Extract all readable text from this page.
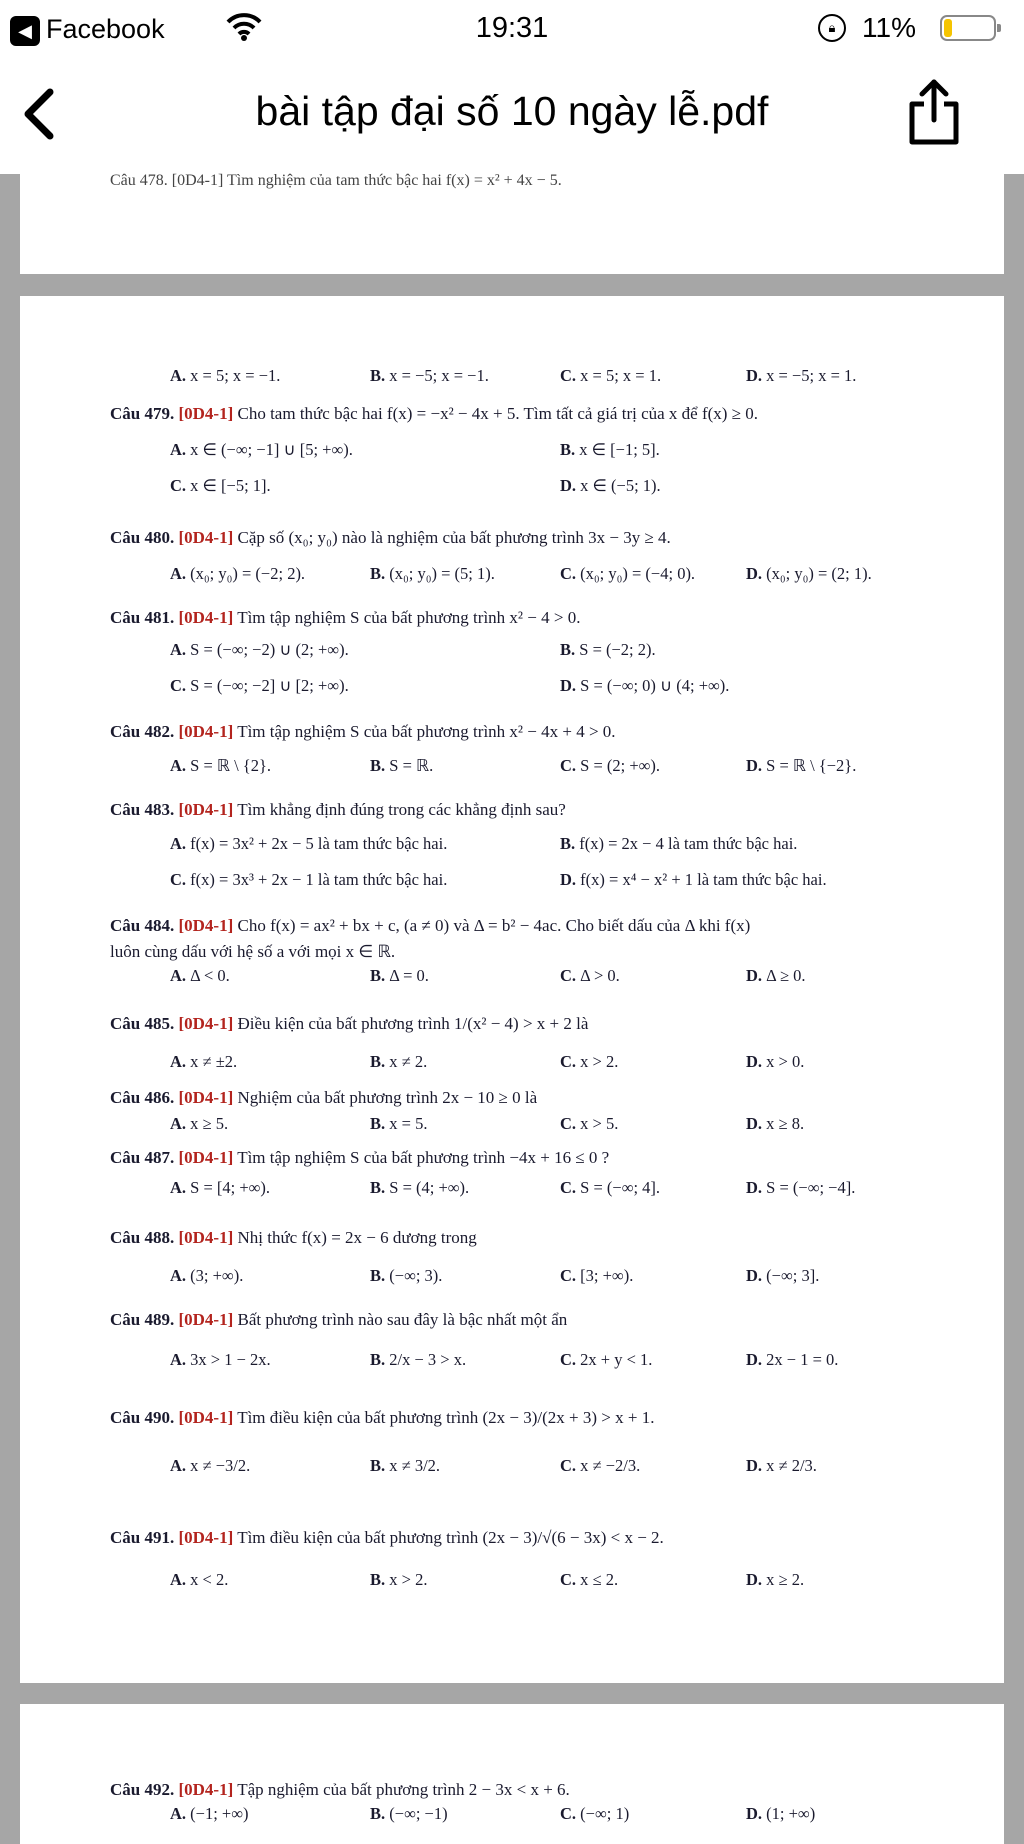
◀ Facebook	19:31	🔒︎ 11%
bài tập đại số 10 ngày lễ.pdf
Câu 478. [0D4-1] Tìm nghiệm của tam thức bậc hai f(x) = x² + 4x − 5.
A. x = 5; x = −1.	B. x = −5; x = −1.	C. x = 5; x = 1.	D. x = −5; x = 1.
Câu 479. [0D4-1] Cho tam thức bậc hai f(x) = −x² − 4x + 5. Tìm tất cả giá trị của x để f(x) ≥ 0.
A. x ∈ (−∞; −1] ∪ [5; +∞).	B. x ∈ [−1; 5].
C. x ∈ [−5; 1].	D. x ∈ (−5; 1).
Câu 480. [0D4-1] Cặp số (x₀; y₀) nào là nghiệm của bất phương trình 3x − 3y ≥ 4.
A. (x₀; y₀) = (−2; 2).	B. (x₀; y₀) = (5; 1).	C. (x₀; y₀) = (−4; 0).	D. (x₀; y₀) = (2; 1).
Câu 481. [0D4-1] Tìm tập nghiệm S của bất phương trình x² − 4 > 0.
A. S = (−∞; −2) ∪ (2; +∞).	B. S = (−2; 2).
C. S = (−∞; −2] ∪ [2; +∞).	D. S = (−∞; 0) ∪ (4; +∞).
Câu 482. [0D4-1] Tìm tập nghiệm S của bất phương trình x² − 4x + 4 > 0.
A. S = ℝ \ {2}.	B. S = ℝ.	C. S = (2; +∞).	D. S = ℝ \ {−2}.
Câu 483. [0D4-1] Tìm khẳng định đúng trong các khẳng định sau?
A. f(x) = 3x² + 2x − 5 là tam thức bậc hai.	B. f(x) = 2x − 4 là tam thức bậc hai.
C. f(x) = 3x³ + 2x − 1 là tam thức bậc hai.	D. f(x) = x⁴ − x² + 1 là tam thức bậc hai.
Câu 484. [0D4-1] Cho f(x) = ax² + bx + c, (a ≠ 0) và Δ = b² − 4ac. Cho biết dấu của Δ khi f(x)
luôn cùng dấu với hệ số a với mọi x ∈ ℝ.
A. Δ < 0.	B. Δ = 0.	C. Δ > 0.	D. Δ ≥ 0.
Câu 485. [0D4-1] Điều kiện của bất phương trình 1/(x² − 4) > x + 2 là
A. x ≠ ±2.	B. x ≠ 2.	C. x > 2.	D. x > 0.
Câu 486. [0D4-1] Nghiệm của bất phương trình 2x − 10 ≥ 0 là
A. x ≥ 5.	B. x = 5.	C. x > 5.	D. x ≥ 8.
Câu 487. [0D4-1] Tìm tập nghiệm S của bất phương trình −4x + 16 ≤ 0 ?
A. S = [4; +∞).	B. S = (4; +∞).	C. S = (−∞; 4].	D. S = (−∞; −4].
Câu 488. [0D4-1] Nhị thức f(x) = 2x − 6 dương trong
A. (3; +∞).	B. (−∞; 3).	C. [3; +∞).	D. (−∞; 3].
Câu 489. [0D4-1] Bất phương trình nào sau đây là bậc nhất một ẩn
A. 3x > 1 − 2x.	B. 2/x − 3 > x.	C. 2x + y < 1.	D. 2x − 1 = 0.
Câu 490. [0D4-1] Tìm điều kiện của bất phương trình (2x − 3)/(2x + 3) > x + 1.
A. x ≠ −3/2.	B. x ≠ 3/2.	C. x ≠ −2/3.	D. x ≠ 2/3.
Câu 491. [0D4-1] Tìm điều kiện của bất phương trình (2x − 3)/√(6 − 3x) < x − 2.
A. x < 2.	B. x > 2.	C. x ≤ 2.	D. x ≥ 2.
Câu 492. [0D4-1] Tập nghiệm của bất phương trình 2 − 3x < x + 6.
A. (−1; +∞)	B. (−∞; −1)	C. (−∞; 1)	D. (1; +∞)
